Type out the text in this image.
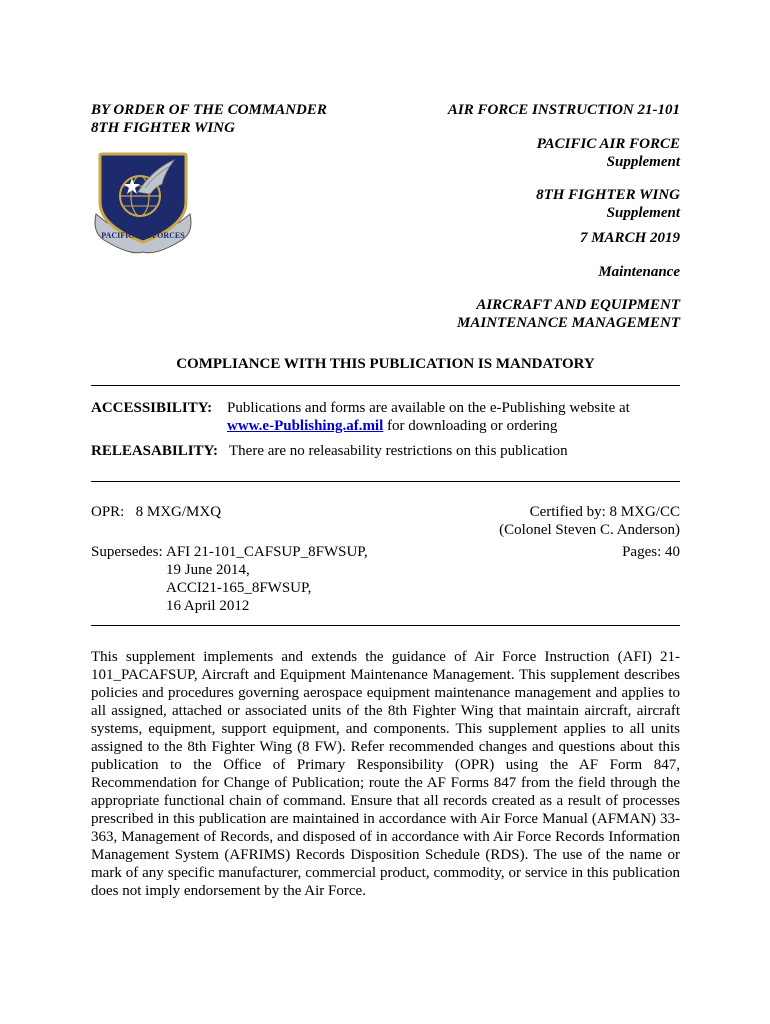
BY ORDER OF THE COMMANDER
8TH FIGHTER WING
PACIFIC AIR FORCES
AIR FORCE INSTRUCTION 21-101
PACIFIC AIR FORCE
Supplement
8TH FIGHTER WING
Supplement
7 MARCH 2019
Maintenance
AIRCRAFT AND EQUIPMENT
MAINTENANCE MANAGEMENT
COMPLIANCE WITH THIS PUBLICATION IS MANDATORY
ACCESSIBILITY: Publications and forms are available on the e-Publishing website at
www.e-Publishing.af.mil for downloading or ordering
RELEASABILITY: There are no releasability restrictions on this publication
OPR: 8 MXG/MXQ	Certified by: 8 MXG/CC
(Colonel Steven C. Anderson)
Supersedes: AFI 21-101_CAFSUP_8FWSUP,
19 June 2014,
ACCI21-165_8FWSUP,
16 April 2012
Pages: 40
This supplement implements and extends the guidance of Air Force Instruction (AFI) 21-101_PACAFSUP, Aircraft and Equipment Maintenance Management. This supplement describes policies and procedures governing aerospace equipment maintenance management and applies to all assigned, attached or associated units of the 8th Fighter Wing that maintain aircraft, aircraft systems, equipment, support equipment, and components. This supplement applies to all units assigned to the 8th Fighter Wing (8 FW). Refer recommended changes and questions about this publication to the Office of Primary Responsibility (OPR) using the AF Form 847, Recommendation for Change of Publication; route the AF Forms 847 from the field through the appropriate functional chain of command. Ensure that all records created as a result of processes prescribed in this publication are maintained in accordance with Air Force Manual (AFMAN) 33-363, Management of Records, and disposed of in accordance with Air Force Records Information Management System (AFRIMS) Records Disposition Schedule (RDS). The use of the name or mark of any specific manufacturer, commercial product, commodity, or service in this publication does not imply endorsement by the Air Force.
